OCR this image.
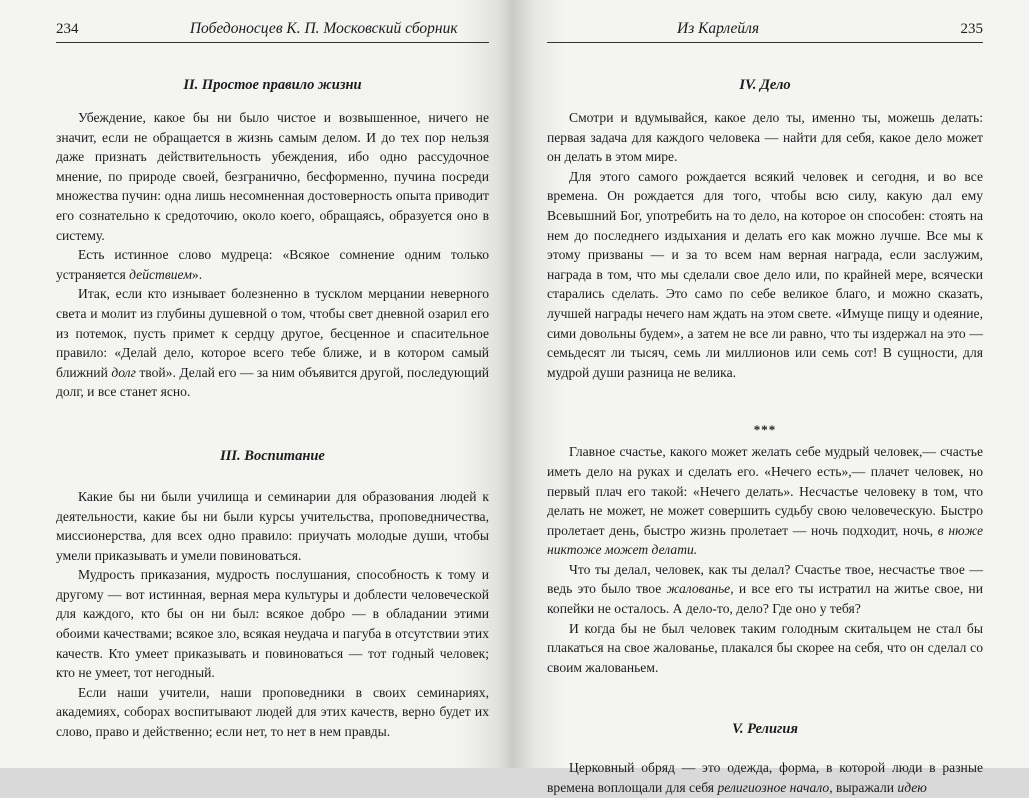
234	Победоносцев К. П. Московский сборник
II. Простое правило жизни

Убеждение, какое бы ни было чистое и возвышенное, ничего не значит, если не обращается в жизнь самым делом. И до тех пор нельзя даже признать действительность убеждения, ибо одно рассудочное мнение, по природе своей, безгранично, бесформенно, пучина посреди множества пучин: одна лишь несомненная достоверность опыта приводит его сознательно к средоточию, около коего, обращаясь, образуется оно в систему.

Есть истинное слово мудреца: «Всякое сомнение одним только устраняется действием».

Итак, если кто изнывает болезненно в тусклом мерцании неверного света и молит из глубины душевной о том, чтобы свет дневной озарил его из потемок, пусть примет к сердцу другое, бесценное и спасительное правило: «Делай дело, которое всего тебе ближе, и в котором самый ближний долг твой». Делай его — за ним объявится другой, последующий долг, и все станет ясно.

III. Воспитание

Какие бы ни были училища и семинарии для образования людей к деятельности, какие бы ни были курсы учительства, проповедничества, миссионерства, для всех одно правило: приучать молодые души, чтобы умели приказывать и умели повиноваться.

Мудрость приказания, мудрость послушания, способность к тому и другому — вот истинная, верная мера культуры и доблести человеческой для каждого, кто бы он ни был: всякое добро — в обладании этими обоими качествами; всякое зло, всякая неудача и пагуба в отсутствии этих качеств. Кто умеет приказывать и повиноваться — тот годный человек; кто не умеет, тот негодный.

Если наши учители, наши проповедники в своих семинариях, академиях, соборах воспитывают людей для этих качеств, верно будет их слово, право и действенно; если нет, то нет в нем правды.

Из Карлейля	235
IV. Дело

Смотри и вдумывайся, какое дело ты, именно ты, можешь делать: первая задача для каждого человека — найти для себя, какое дело может он делать в этом мире.

Для этого самого рождается всякий человек и сегодня, и во все времена. Он рождается для того, чтобы всю силу, какую дал ему Всевышний Бог, употребить на то дело, на которое он способен: стоять на нем до последнего издыхания и делать его как можно лучше. Все мы к этому призваны — и за то всем нам верная награда, если заслужим, награда в том, что мы сделали свое дело или, по крайней мере, всячески старались сделать. Это само по себе великое благо, и можно сказать, лучшей награды нечего нам ждать на этом свете. «Имуще пищу и одеяние, сими довольны будем», а затем не все ли равно, что ты издержал на это — семьдесят ли тысяч, семь ли миллионов или семь сот! В сущности, для мудрой души разница не велика.

***

Главное счастье, какого может желать себе мудрый человек,— счастье иметь дело на руках и сделать его. «Нечего есть»,— плачет человек, но первый плач его такой: «Нечего делать». Несчастье человеку в том, что делать не может, не может совершить судьбу свою человеческую. Быстро пролетает день, быстро жизнь пролетает — ночь подходит, ночь, в нюже никтоже может делати.

Что ты делал, человек, как ты делал? Счастье твое, несчастье твое — ведь это было твое жалованье, и все его ты истратил на житье свое, ни копейки не осталось. А дело-то, дело? Где оно у тебя?

И когда бы не был человек таким голодным скитальцем не стал бы плакаться на свое жалованье, плакался бы скорее на себя, что он сделал со своим жалованьем.

V. Религия

Церковный обряд — это одежда, форма, в которой люди в разные времена воплощали для себя религиозное начало, выражали идею
